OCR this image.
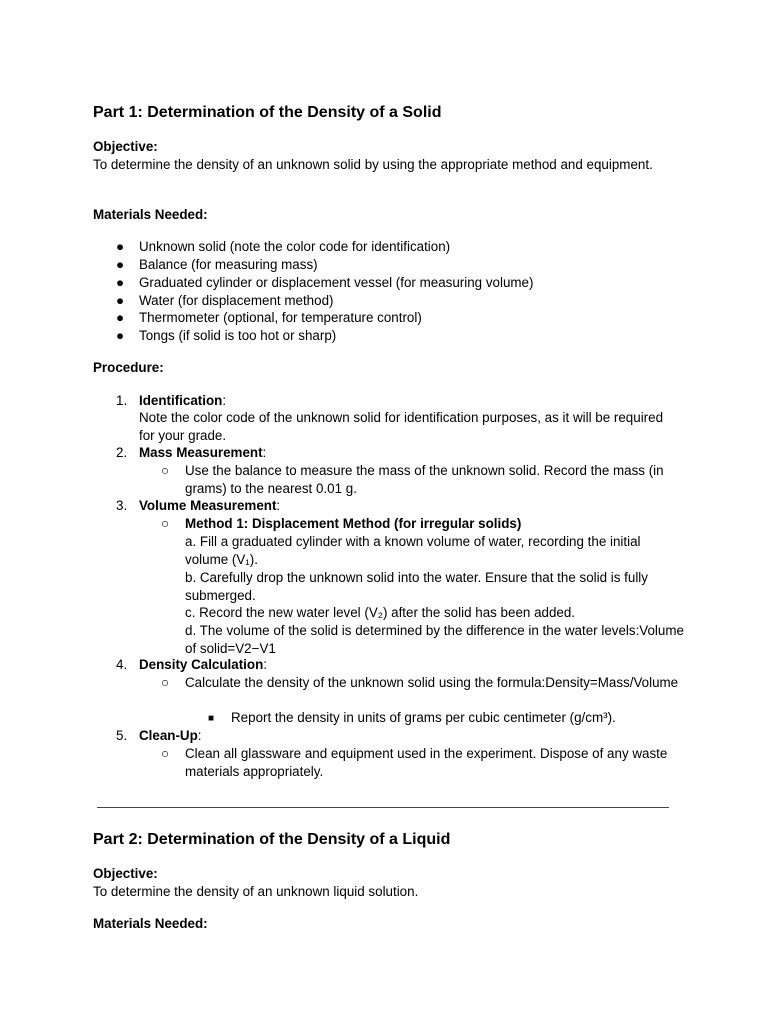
Part 1: Determination of the Density of a Solid
Objective:
To determine the density of an unknown solid by using the appropriate method and equipment.
Materials Needed:
● Unknown solid (note the color code for identification)
● Balance (for measuring mass)
● Graduated cylinder or displacement vessel (for measuring volume)
● Water (for displacement method)
● Thermometer (optional, for temperature control)
● Tongs (if solid is too hot or sharp)
Procedure:
1. Identification:
Note the color code of the unknown solid for identification purposes, as it will be required for your grade.
2. Mass Measurement:
○ Use the balance to measure the mass of the unknown solid. Record the mass (in grams) to the nearest 0.01 g.
3. Volume Measurement:
○ Method 1: Displacement Method (for irregular solids)
a. Fill a graduated cylinder with a known volume of water, recording the initial volume (V₁).
b. Carefully drop the unknown solid into the water. Ensure that the solid is fully submerged.
c. Record the new water level (V₂) after the solid has been added.
d. The volume of the solid is determined by the difference in the water levels:Volume of solid=V2−V1
4. Density Calculation:
○ Calculate the density of the unknown solid using the formula:Density=Mass/Volume
■ Report the density in units of grams per cubic centimeter (g/cm³).
5. Clean-Up:
○ Clean all glassware and equipment used in the experiment. Dispose of any waste materials appropriately.
Part 2: Determination of the Density of a Liquid
Objective:
To determine the density of an unknown liquid solution.
Materials Needed:
